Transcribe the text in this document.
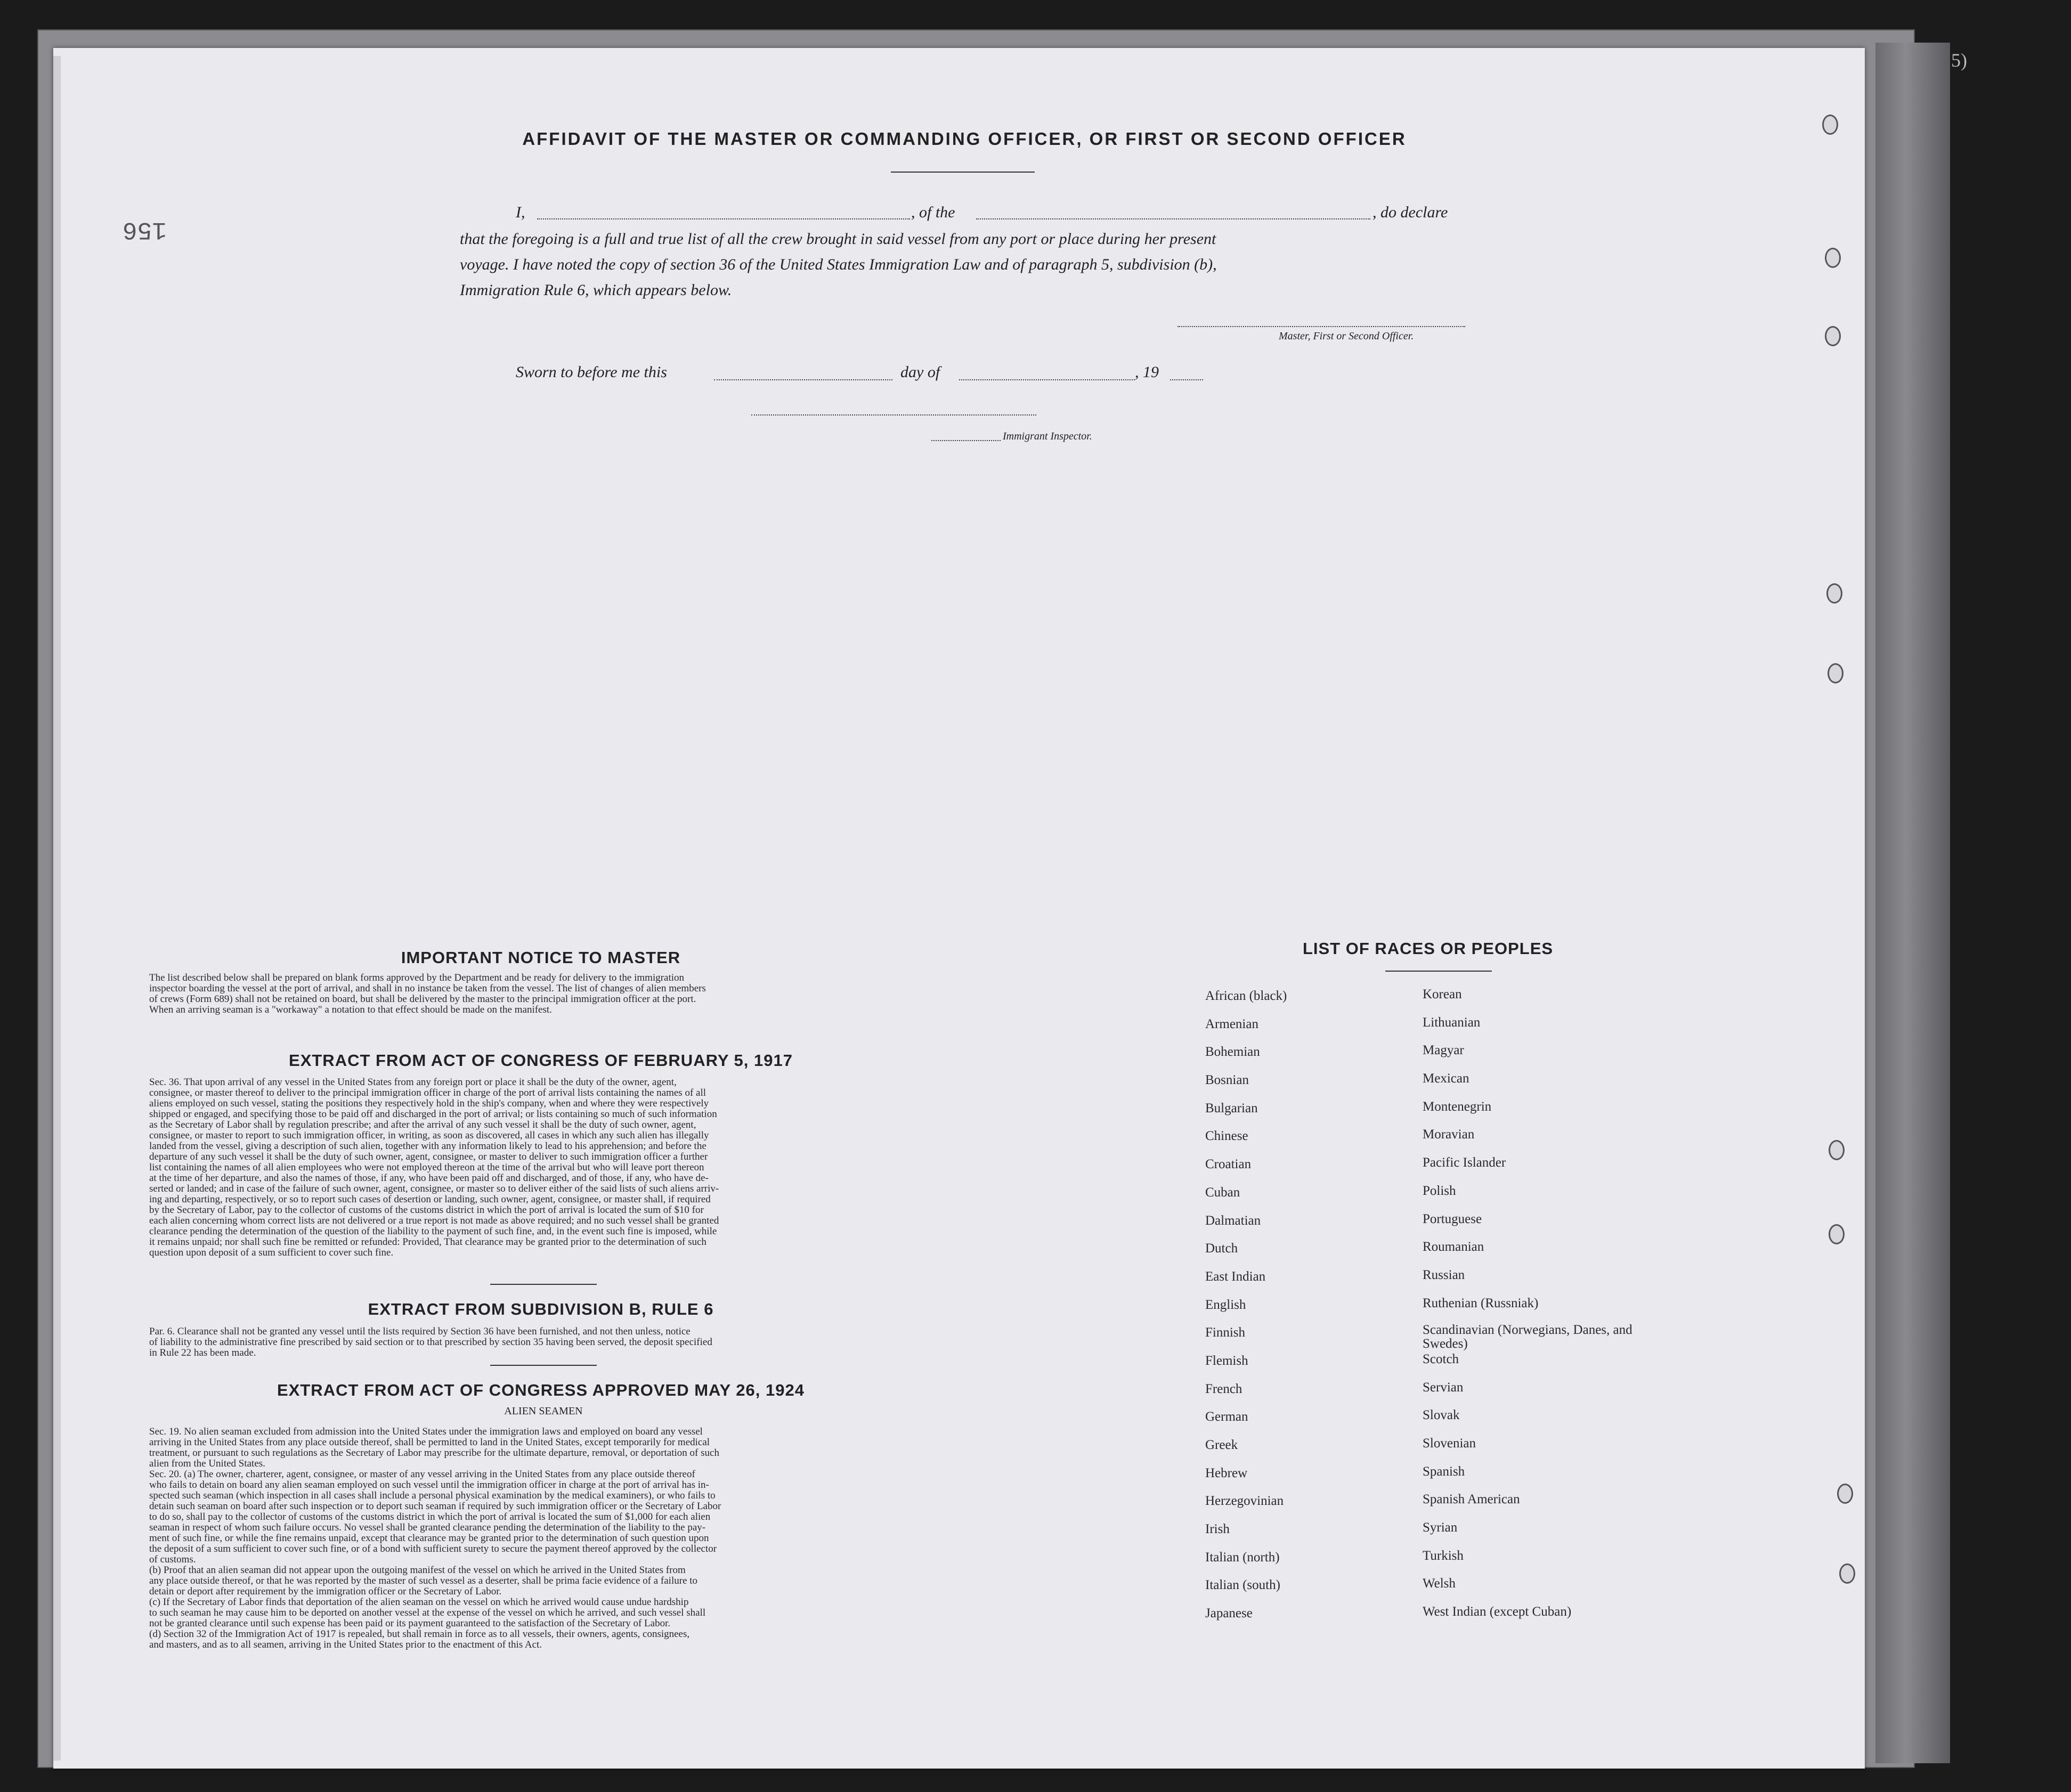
5)
156
AFFIDAVIT OF THE MASTER OR COMMANDING OFFICER, OR FIRST OR SECOND OFFICER
I,	, of the	, do declare
that the foregoing is a full and true list of all the crew brought in said vessel from any port or place during her present
voyage. I have noted the copy of section 36 of the United States Immigration Law and of paragraph 5, subdivision (b),
Immigration Rule 6, which appears below.
Master, First or Second Officer.
Sworn to before me this	day of	, 19
Immigrant Inspector.
IMPORTANT NOTICE TO MASTER
The list described below shall be prepared on blank forms approved by the Department and be ready for delivery to the immigration
inspector boarding the vessel at the port of arrival, and shall in no instance be taken from the vessel. The list of changes of alien members
of crews (Form 689) shall not be retained on board, but shall be delivered by the master to the principal immigration officer at the port.
When an arriving seaman is a "workaway" a notation to that effect should be made on the manifest.
EXTRACT FROM ACT OF CONGRESS OF FEBRUARY 5, 1917
Sec. 36. That upon arrival of any vessel in the United States from any foreign port or place it shall be the duty of the owner, agent,
consignee, or master thereof to deliver to the principal immigration officer in charge of the port of arrival lists containing the names of all
aliens employed on such vessel, stating the positions they respectively hold in the ship's company, when and where they were respectively
shipped or engaged, and specifying those to be paid off and discharged in the port of arrival; or lists containing so much of such information
as the Secretary of Labor shall by regulation prescribe; and after the arrival of any such vessel it shall be the duty of such owner, agent,
consignee, or master to report to such immigration officer, in writing, as soon as discovered, all cases in which any such alien has illegally
landed from the vessel, giving a description of such alien, together with any information likely to lead to his apprehension; and before the
departure of any such vessel it shall be the duty of such owner, agent, consignee, or master to deliver to such immigration officer a further
list containing the names of all alien employees who were not employed thereon at the time of the arrival but who will leave port thereon
at the time of her departure, and also the names of those, if any, who have been paid off and discharged, and of those, if any, who have de-
serted or landed; and in case of the failure of such owner, agent, consignee, or master so to deliver either of the said lists of such aliens arriv-
ing and departing, respectively, or so to report such cases of desertion or landing, such owner, agent, consignee, or master shall, if required
by the Secretary of Labor, pay to the collector of customs of the customs district in which the port of arrival is located the sum of $10 for
each alien concerning whom correct lists are not delivered or a true report is not made as above required; and no such vessel shall be granted
clearance pending the determination of the question of the liability to the payment of such fine, and, in the event such fine is imposed, while
it remains unpaid; nor shall such fine be remitted or refunded: Provided, That clearance may be granted prior to the determination of such
question upon deposit of a sum sufficient to cover such fine.
EXTRACT FROM SUBDIVISION B, RULE 6
Par. 6. Clearance shall not be granted any vessel until the lists required by Section 36 have been furnished, and not then unless, notice
of liability to the administrative fine prescribed by said section or to that prescribed by section 35 having been served, the deposit specified
in Rule 22 has been made.
EXTRACT FROM ACT OF CONGRESS APPROVED MAY 26, 1924
ALIEN SEAMEN
Sec. 19. No alien seaman excluded from admission into the United States under the immigration laws and employed on board any vessel
arriving in the United States from any place outside thereof, shall be permitted to land in the United States, except temporarily for medical
treatment, or pursuant to such regulations as the Secretary of Labor may prescribe for the ultimate departure, removal, or deportation of such
alien from the United States.
Sec. 20. (a) The owner, charterer, agent, consignee, or master of any vessel arriving in the United States from any place outside thereof
who fails to detain on board any alien seaman employed on such vessel until the immigration officer in charge at the port of arrival has in-
spected such seaman (which inspection in all cases shall include a personal physical examination by the medical examiners), or who fails to
detain such seaman on board after such inspection or to deport such seaman if required by such immigration officer or the Secretary of Labor
to do so, shall pay to the collector of customs of the customs district in which the port of arrival is located the sum of $1,000 for each alien
seaman in respect of whom such failure occurs. No vessel shall be granted clearance pending the determination of the liability to the pay-
ment of such fine, or while the fine remains unpaid, except that clearance may be granted prior to the determination of such question upon
the deposit of a sum sufficient to cover such fine, or of a bond with sufficient surety to secure the payment thereof approved by the collector
of customs.
(b) Proof that an alien seaman did not appear upon the outgoing manifest of the vessel on which he arrived in the United States from
any place outside thereof, or that he was reported by the master of such vessel as a deserter, shall be prima facie evidence of a failure to
detain or deport after requirement by the immigration officer or the Secretary of Labor.
(c) If the Secretary of Labor finds that deportation of the alien seaman on the vessel on which he arrived would cause undue hardship
to such seaman he may cause him to be deported on another vessel at the expense of the vessel on which he arrived, and such vessel shall
not be granted clearance until such expense has been paid or its payment guaranteed to the satisfaction of the Secretary of Labor.
(d) Section 32 of the Immigration Act of 1917 is repealed, but shall remain in force as to all vessels, their owners, agents, consignees,
and masters, and as to all seamen, arriving in the United States prior to the enactment of this Act.
LIST OF RACES OR PEOPLES
African (black)
Armenian
Bohemian
Bosnian
Bulgarian
Chinese
Croatian
Cuban
Dalmatian
Dutch
East Indian
English
Finnish
Flemish
French
German
Greek
Hebrew
Herzegovinian
Irish
Italian (north)
Italian (south)
Japanese
Korean
Lithuanian
Magyar
Mexican
Montenegrin
Moravian
Pacific Islander
Polish
Portuguese
Roumanian
Russian
Ruthenian (Russniak)
Scandinavian (Norwegians, Danes, and Swedes)
Scotch
Servian
Slovak
Slovenian
Spanish
Spanish American
Syrian
Turkish
Welsh
West Indian (except Cuban)
